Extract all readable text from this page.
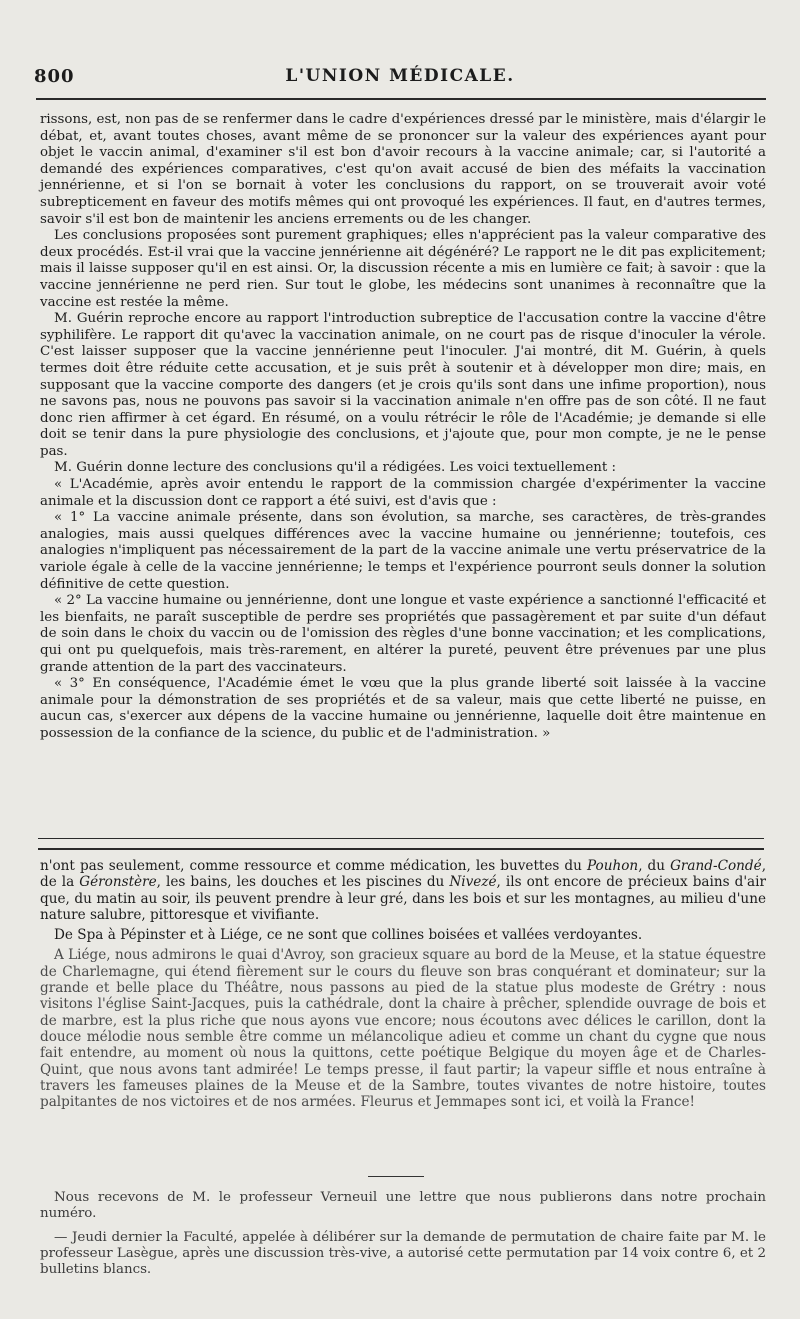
800	L'UNION MÉDICALE.

rissons, est, non pas de se renfermer dans le cadre d'expériences dressé par le ministère, mais d'élargir le débat, et, avant toutes choses, avant même de se prononcer sur la valeur des expériences ayant pour objet le vaccin animal, d'examiner s'il est bon d'avoir recours à la vaccine animale; car, si l'autorité a demandé des expériences comparatives, c'est qu'on avait accusé de bien des méfaits la vaccination jennérienne, et si l'on se bornait à voter les conclusions du rapport, on se trouverait avoir voté subrepticement en faveur des motifs mêmes qui ont provoqué les expériences. Il faut, en d'autres termes, savoir s'il est bon de maintenir les anciens errements ou de les changer.

Les conclusions proposées sont purement graphiques; elles n'apprécient pas la valeur comparative des deux procédés. Est-il vrai que la vaccine jennérienne ait dégénéré? Le rapport ne le dit pas explicitement; mais il laisse supposer qu'il en est ainsi. Or, la discussion récente a mis en lumière ce fait; à savoir : que la vaccine jennérienne ne perd rien. Sur tout le globe, les médecins sont unanimes à reconnaître que la vaccine est restée la même.

M. Guérin reproche encore au rapport l'introduction subreptice de l'accusation contre la vaccine d'être syphilifère. Le rapport dit qu'avec la vaccination animale, on ne court pas de risque d'inoculer la vérole. C'est laisser supposer que la vaccine jennérienne peut l'inoculer. J'ai montré, dit M. Guérin, à quels termes doit être réduite cette accusation, et je suis prêt à soutenir et à développer mon dire; mais, en supposant que la vaccine comporte des dangers (et je crois qu'ils sont dans une infime proportion), nous ne savons pas, nous ne pouvons pas savoir si la vaccination animale n'en offre pas de son côté. Il ne faut donc rien affirmer à cet égard. En résumé, on a voulu rétrécir le rôle de l'Académie; je demande si elle doit se tenir dans la pure physiologie des conclusions, et j'ajoute que, pour mon compte, je ne le pense pas.

M. Guérin donne lecture des conclusions qu'il a rédigées. Les voici textuellement :

« L'Académie, après avoir entendu le rapport de la commission chargée d'expérimenter la vaccine animale et la discussion dont ce rapport a été suivi, est d'avis que :

« 1° La vaccine animale présente, dans son évolution, sa marche, ses caractères, de très-grandes analogies, mais aussi quelques différences avec la vaccine humaine ou jennérienne; toutefois, ces analogies n'impliquent pas nécessairement de la part de la vaccine animale une vertu préservatrice de la variole égale à celle de la vaccine jennérienne; le temps et l'expérience pourront seuls donner la solution définitive de cette question.

« 2° La vaccine humaine ou jennérienne, dont une longue et vaste expérience a sanctionné l'efficacité et les bienfaits, ne paraît susceptible de perdre ses propriétés que passagèrement et par suite d'un défaut de soin dans le choix du vaccin ou de l'omission des règles d'une bonne vaccination; et les complications, qui ont pu quelquefois, mais très-rarement, en altérer la pureté, peuvent être prévenues par une plus grande attention de la part des vaccinateurs.

« 3° En conséquence, l'Académie émet le vœu que la plus grande liberté soit laissée à la vaccine animale pour la démonstration de ses propriétés et de sa valeur, mais que cette liberté ne puisse, en aucun cas, s'exercer aux dépens de la vaccine humaine ou jennérienne, laquelle doit être maintenue en possession de la confiance de la science, du public et de l'administration. »

n'ont pas seulement, comme ressource et comme médication, les buvettes du Pouhon, du Grand-Condé, de la Géronstère, les bains, les douches et les piscines du Nivezé, ils ont encore de précieux bains d'air que, du matin au soir, ils peuvent prendre à leur gré, dans les bois et sur les montagnes, au milieu d'une nature salubre, pittoresque et vivifiante.

De Spa à Pépinster et à Liége, ce ne sont que collines boisées et vallées verdoyantes.

A Liége, nous admirons le quai d'Avroy, son gracieux square au bord de la Meuse, et la statue équestre de Charlemagne, qui étend fièrement sur le cours du fleuve son bras conquérant et dominateur; sur la grande et belle place du Théâtre, nous passons au pied de la statue plus modeste de Grétry : nous visitons l'église Saint-Jacques, puis la cathédrale, dont la chaire à prêcher, splendide ouvrage de bois et de marbre, est la plus riche que nous ayons vue encore; nous écoutons avec délices le carillon, dont la douce mélodie nous semble être comme un mélancolique adieu et comme un chant du cygne que nous fait entendre, au moment où nous la quittons, cette poétique Belgique du moyen âge et de Charles-Quint, que nous avons tant admirée! Le temps presse, il faut partir; la vapeur siffle et nous entraîne à travers les fameuses plaines de la Meuse et de la Sambre, toutes vivantes de notre histoire, toutes palpitantes de nos victoires et de nos armées. Fleurus et Jemmapes sont ici, et voilà la France!

Nous recevons de M. le professeur Verneuil une lettre que nous publierons dans notre prochain numéro.

— Jeudi dernier la Faculté, appelée à délibérer sur la demande de permutation de chaire faite par M. le professeur Lasègue, après une discussion très-vive, a autorisé cette permutation par 14 voix contre 6, et 2 bulletins blancs.
